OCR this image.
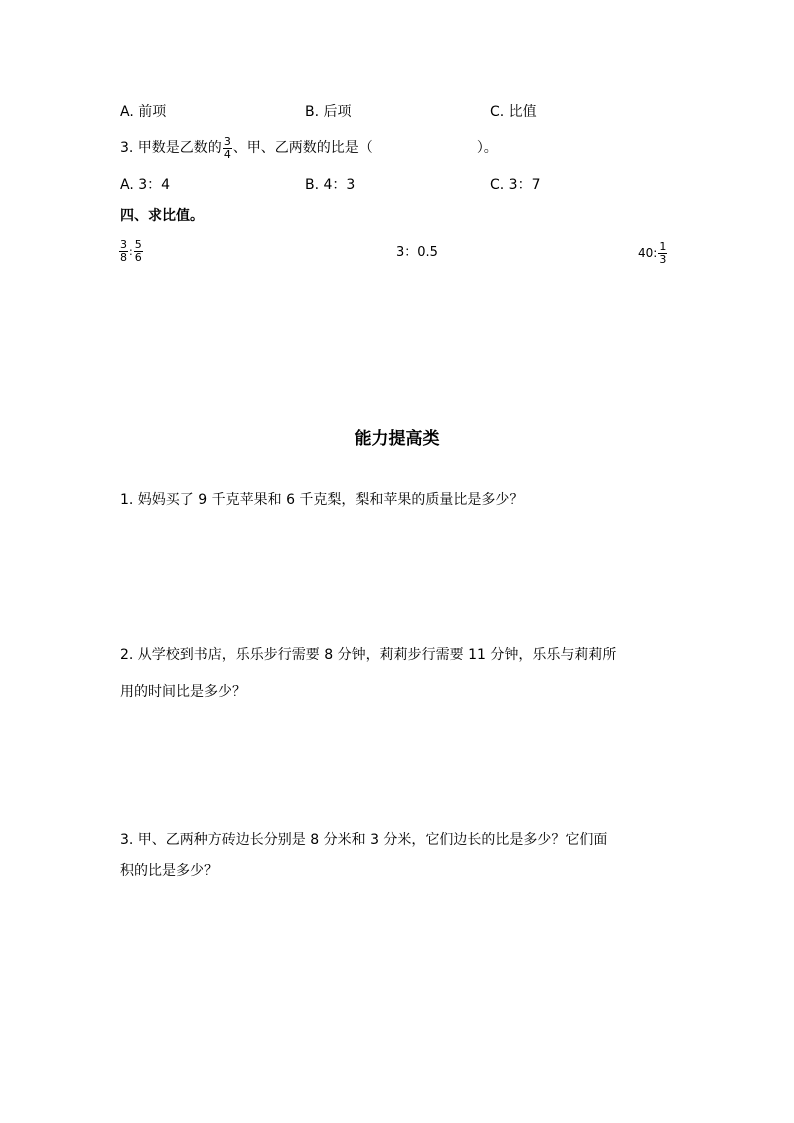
A. 前项	B. 后项	C. 比值
3. 甲数是乙数的 $\frac{3}{4}$ 、甲、乙两数的比是（	）。
A. 3：4	B. 4：3	C. 3：7
四、求比值。
$\frac{3}{8}$ : $\frac{5}{6}$	3：0.5	40: $\frac{1}{3}$
能力提高类
1. 妈妈买了 9 千克苹果和 6 千克梨，梨和苹果的质量比是多少？
2. 从学校到书店，乐乐步行需要 8 分钟，莉莉步行需要 11 分钟，乐乐与莉莉所
用的时间比是多少？
3. 甲、乙两种方砖边长分别是 8 分米和 3 分米，它们边长的比是多少？它们面
积的比是多少？
